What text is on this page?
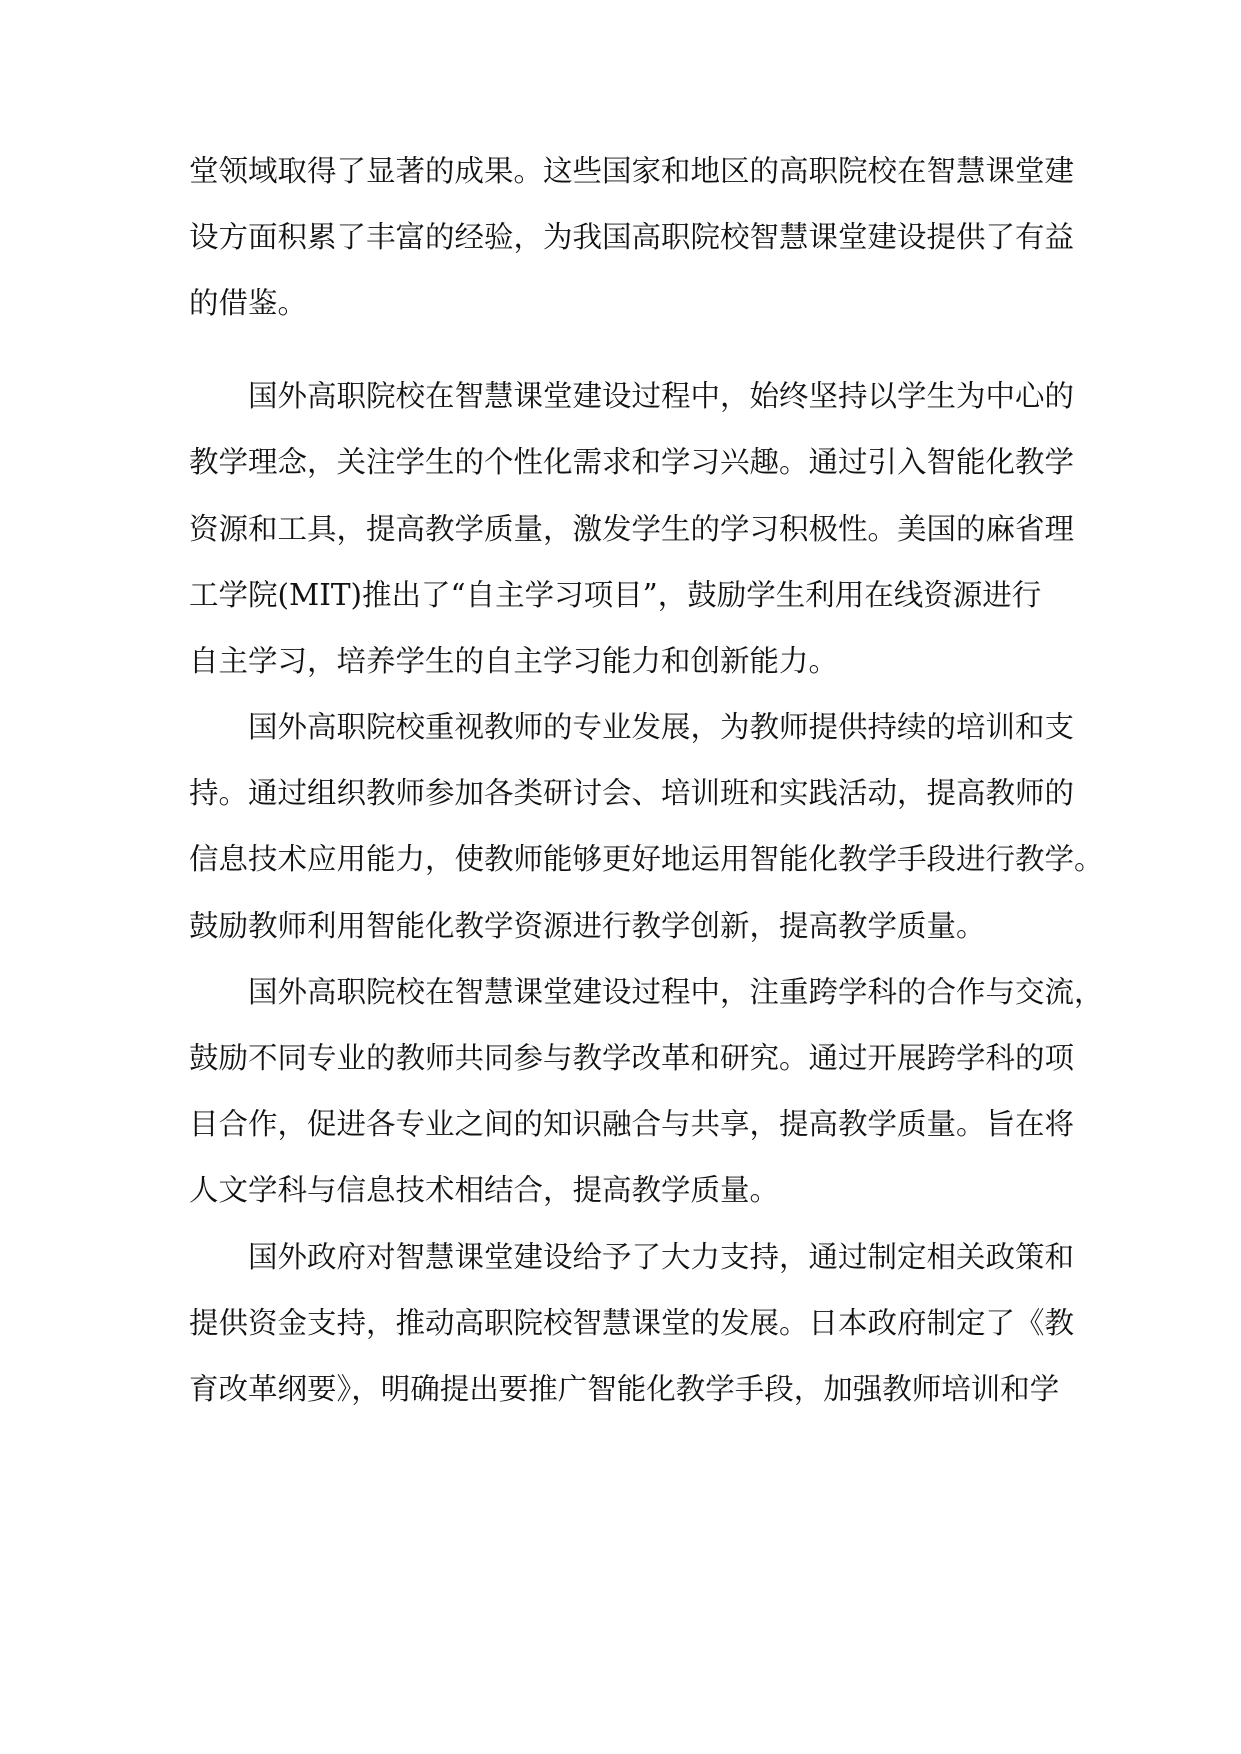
堂领域取得了显著的成果。这些国家和地区的高职院校在智慧课堂建
设方面积累了丰富的经验，为我国高职院校智慧课堂建设提供了有益
的借鉴。
国外高职院校在智慧课堂建设过程中，始终坚持以学生为中心的
教学理念，关注学生的个性化需求和学习兴趣。通过引入智能化教学
资源和工具，提高教学质量，激发学生的学习积极性。美国的麻省理
工学院(MIT)推出了“自主学习项目”，鼓励学生利用在线资源进行
自主学习，培养学生的自主学习能力和创新能力。
国外高职院校重视教师的专业发展，为教师提供持续的培训和支
持。通过组织教师参加各类研讨会、培训班和实践活动，提高教师的
信息技术应用能力，使教师能够更好地运用智能化教学手段进行教学。
鼓励教师利用智能化教学资源进行教学创新，提高教学质量。
国外高职院校在智慧课堂建设过程中，注重跨学科的合作与交流，
鼓励不同专业的教师共同参与教学改革和研究。通过开展跨学科的项
目合作，促进各专业之间的知识融合与共享，提高教学质量。旨在将
人文学科与信息技术相结合，提高教学质量。
国外政府对智慧课堂建设给予了大力支持，通过制定相关政策和
提供资金支持，推动高职院校智慧课堂的发展。日本政府制定了《教
育改革纲要》，明确提出要推广智能化教学手段，加强教师培训和学
